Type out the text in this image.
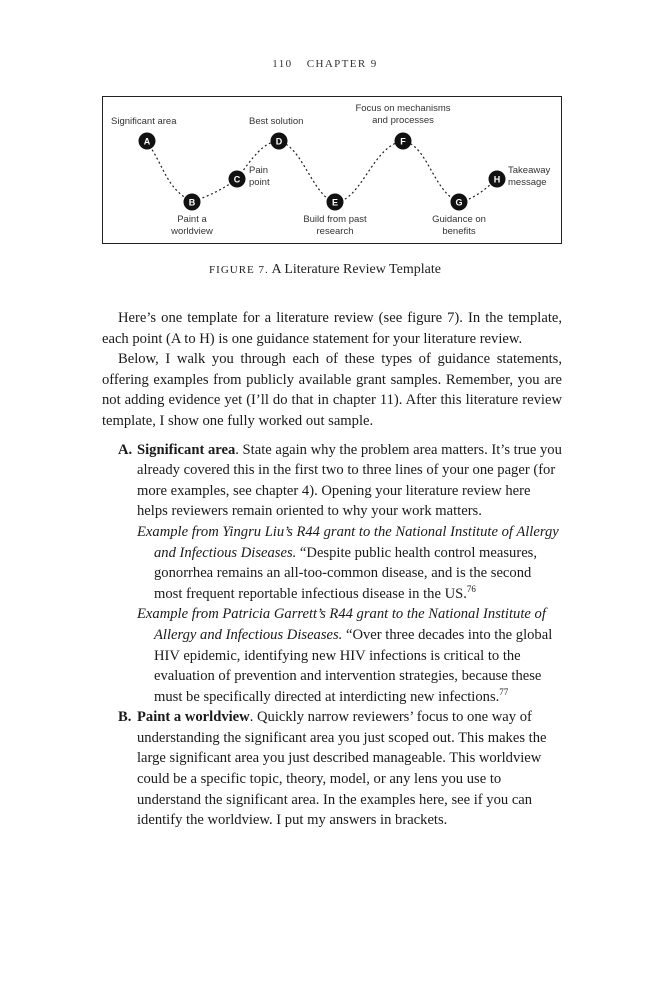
110 CHAPTER 9
A
B
C
D
E
F
G
H
Significant area	Best solution
Focus on mechanisms
and processes
Pain
point
Takeaway
message
Paint a
worldview
Build from past
research
Guidance on
benefits
FIGURE 7. A Literature Review Template

Here’s one template for a literature review (see figure 7). In the template, each point (A to H) is one guidance statement for your literature review.

Below, I walk you through each of these types of guidance statements, offering examples from publicly available grant samples. Remember, you are not adding evidence yet (I’ll do that in chapter 11). After this literature review template, I show one fully worked out sample.

A. Significant area. State again why the problem area matters. It’s true you already covered this in the first two to three lines of your one pager (for more examples, see chapter 4). Opening your literature review here helps reviewers remain oriented to why your work matters.
Example from Yingru Liu’s R44 grant to the National Institute of Allergy and Infectious Diseases. “Despite public health control measures, gonorrhea remains an all-too-common disease, and is the second most frequent reportable infectious disease in the US.$^{76}$
Example from Patricia Garrett’s R44 grant to the National Institute of Allergy and Infectious Diseases. “Over three decades into the global HIV epidemic, identifying new HIV infections is critical to the evaluation of prevention and intervention strategies, because these must be specifically directed at interdicting new infections.$^{77}$
B. Paint a worldview. Quickly narrow reviewers’ focus to one way of understanding the significant area you just scoped out. This makes the large significant area you just described manageable. This worldview could be a specific topic, theory, model, or any lens you use to understand the significant area. In the examples here, see if you can identify the worldview. I put my answers in brackets.
